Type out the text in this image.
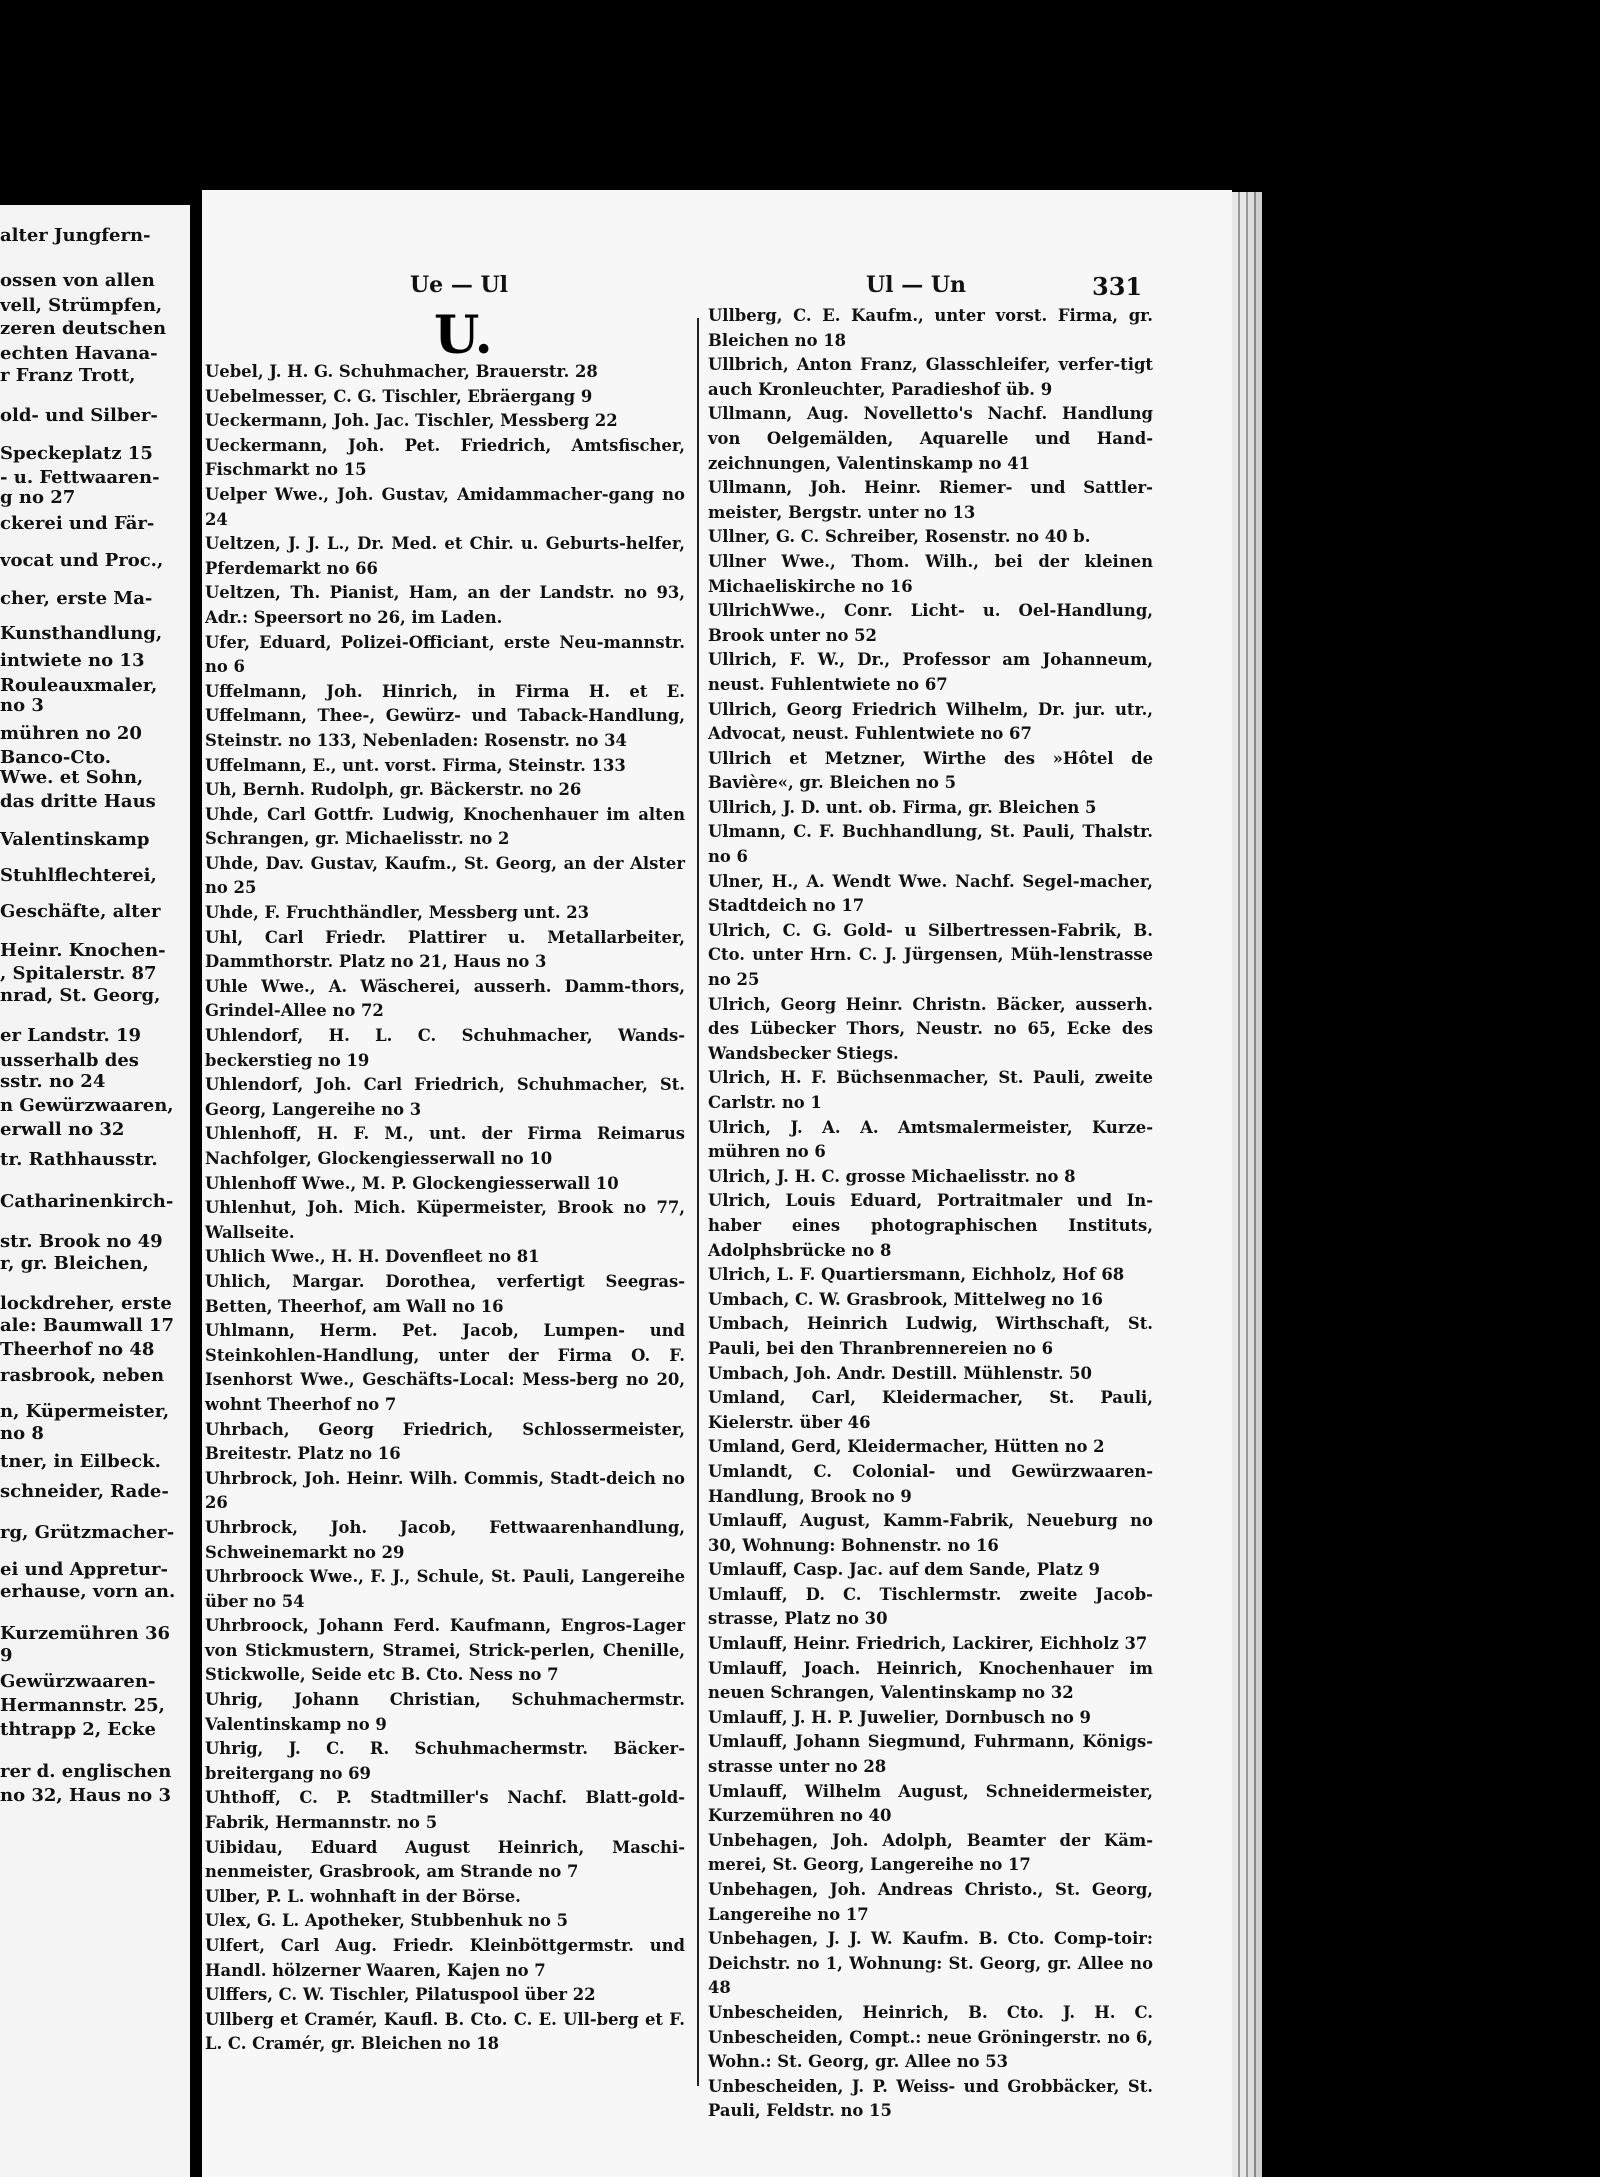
alter Jungfern-
ossen von allen
vell, Strümpfen,
zeren deutschen
echten Havana-
r Franz Trott,
old- und Silber-
Speckeplatz 15
- u. Fettwaaren-
g no 27
ckerei und Fär-
vocat und Proc.,
cher, erste Ma-
Kunsthandlung,
intwiete no 13
Rouleauxmaler,
no 3
mühren no 20
Banco-Cto.
Wwe. et Sohn,
das dritte Haus
Valentinskamp
Stuhlflechterei,
Geschäfte, alter
Heinr. Knochen-
, Spitalerstr. 87
nrad, St. Georg,
er Landstr. 19
usserhalb des
sstr. no 24
n Gewürzwaaren,
erwall no 32
tr. Rathhausstr.
Catharinenkirch-
str. Brook no 49
r, gr. Bleichen,
lockdreher, erste
ale: Baumwall 17
Theerhof no 48
rasbrook, neben
n, Küpermeister,
no 8
tner, in Eilbeck.
schneider, Rade-
rg, Grützmacher-
ei und Appretur-
erhause, vorn an.
Kurzemühren 36
9
Gewürzwaaren-
Hermannstr. 25,
thtrapp 2, Ecke
rer d. englischen
no 32, Haus no 3
Ue — Ul	Ul — Un	331
U.
Uebel, J. H. G. Schuhmacher, Brauerstr. 28
Uebelmesser, C. G. Tischler, Ebräergang 9
Ueckermann, Joh. Jac. Tischler, Messberg 22
Ueckermann, Joh. Pet. Friedrich, Amtsfischer, Fischmarkt no 15
Uelper Wwe., Joh. Gustav, Amidammacher-gang no 24
Ueltzen, J. J. L., Dr. Med. et Chir. u. Geburts-helfer, Pferdemarkt no 66
Ueltzen, Th. Pianist, Ham, an der Landstr. no 93, Adr.: Speersort no 26, im Laden.
Ufer, Eduard, Polizei-Officiant, erste Neu-mannstr. no 6
Uffelmann, Joh. Hinrich, in Firma H. et E. Uffelmann, Thee-, Gewürz- und Taback-Handlung, Steinstr. no 133, Nebenladen: Rosenstr. no 34
Uffelmann, E., unt. vorst. Firma, Steinstr. 133
Uh, Bernh. Rudolph, gr. Bäckerstr. no 26
Uhde, Carl Gottfr. Ludwig, Knochenhauer im alten Schrangen, gr. Michaelisstr. no 2
Uhde, Dav. Gustav, Kaufm., St. Georg, an der Alster no 25
Uhde, F. Fruchthändler, Messberg unt. 23
Uhl, Carl Friedr. Plattirer u. Metallarbeiter, Dammthorstr. Platz no 21, Haus no 3
Uhle Wwe., A. Wäscherei, ausserh. Damm-thors, Grindel-Allee no 72
Uhlendorf, H. L. C. Schuhmacher, Wands-beckerstieg no 19
Uhlendorf, Joh. Carl Friedrich, Schuhmacher, St. Georg, Langereihe no 3
Uhlenhoff, H. F. M., unt. der Firma Reimarus Nachfolger, Glockengiesserwall no 10
Uhlenhoff Wwe., M. P. Glockengiesserwall 10
Uhlenhut, Joh. Mich. Küpermeister, Brook no 77, Wallseite.
Uhlich Wwe., H. H. Dovenfleet no 81
Uhlich, Margar. Dorothea, verfertigt Seegras-Betten, Theerhof, am Wall no 16
Uhlmann, Herm. Pet. Jacob, Lumpen- und Steinkohlen-Handlung, unter der Firma O. F. Isenhorst Wwe., Geschäfts-Local: Mess-berg no 20, wohnt Theerhof no 7
Uhrbach, Georg Friedrich, Schlossermeister, Breitestr. Platz no 16
Uhrbrock, Joh. Heinr. Wilh. Commis, Stadt-deich no 26
Uhrbrock, Joh. Jacob, Fettwaarenhandlung, Schweinemarkt no 29
Uhrbroock Wwe., F. J., Schule, St. Pauli, Langereihe über no 54
Uhrbroock, Johann Ferd. Kaufmann, Engros-Lager von Stickmustern, Stramei, Strick-perlen, Chenille, Stickwolle, Seide etc B. Cto. Ness no 7
Uhrig, Johann Christian, Schuhmachermstr. Valentinskamp no 9
Uhrig, J. C. R. Schuhmachermstr. Bäcker-breitergang no 69
Uhthoff, C. P. Stadtmiller's Nachf. Blatt-gold-Fabrik, Hermannstr. no 5
Uibidau, Eduard August Heinrich, Maschi-nenmeister, Grasbrook, am Strande no 7
Ulber, P. L. wohnhaft in der Börse.
Ulex, G. L. Apotheker, Stubbenhuk no 5
Ulfert, Carl Aug. Friedr. Kleinböttgermstr. und Handl. hölzerner Waaren, Kajen no 7
Ulffers, C. W. Tischler, Pilatuspool über 22
Ullberg et Cramér, Kaufl. B. Cto. C. E. Ull-berg et F. L. C. Cramér, gr. Bleichen no 18
Ullberg, C. E. Kaufm., unter vorst. Firma, gr. Bleichen no 18
Ullbrich, Anton Franz, Glasschleifer, verfer-tigt auch Kronleuchter, Paradieshof üb. 9
Ullmann, Aug. Novelletto's Nachf. Handlung von Oelgemälden, Aquarelle und Hand-zeichnungen, Valentinskamp no 41
Ullmann, Joh. Heinr. Riemer- und Sattler-meister, Bergstr. unter no 13
Ullner, G. C. Schreiber, Rosenstr. no 40 b.
Ullner Wwe., Thom. Wilh., bei der kleinen Michaeliskirche no 16
UllrichWwe., Conr. Licht- u. Oel-Handlung, Brook unter no 52
Ullrich, F. W., Dr., Professor am Johanneum, neust. Fuhlentwiete no 67
Ullrich, Georg Friedrich Wilhelm, Dr. jur. utr., Advocat, neust. Fuhlentwiete no 67
Ullrich et Metzner, Wirthe des »Hôtel de Bavière«, gr. Bleichen no 5
Ullrich, J. D. unt. ob. Firma, gr. Bleichen 5
Ulmann, C. F. Buchhandlung, St. Pauli, Thalstr. no 6
Ulner, H., A. Wendt Wwe. Nachf. Segel-macher, Stadtdeich no 17
Ulrich, C. G. Gold- u Silbertressen-Fabrik, B. Cto. unter Hrn. C. J. Jürgensen, Müh-lenstrasse no 25
Ulrich, Georg Heinr. Christn. Bäcker, ausserh. des Lübecker Thors, Neustr. no 65, Ecke des Wandsbecker Stiegs.
Ulrich, H. F. Büchsenmacher, St. Pauli, zweite Carlstr. no 1
Ulrich, J. A. A. Amtsmalermeister, Kurze-mühren no 6
Ulrich, J. H. C. grosse Michaelisstr. no 8
Ulrich, Louis Eduard, Portraitmaler und In-haber eines photographischen Instituts, Adolphsbrücke no 8
Ulrich, L. F. Quartiersmann, Eichholz, Hof 68
Umbach, C. W. Grasbrook, Mittelweg no 16
Umbach, Heinrich Ludwig, Wirthschaft, St. Pauli, bei den Thranbrennereien no 6
Umbach, Joh. Andr. Destill. Mühlenstr. 50
Umland, Carl, Kleidermacher, St. Pauli, Kielerstr. über 46
Umland, Gerd, Kleidermacher, Hütten no 2
Umlandt, C. Colonial- und Gewürzwaaren-Handlung, Brook no 9
Umlauff, August, Kamm-Fabrik, Neueburg no 30, Wohnung: Bohnenstr. no 16
Umlauff, Casp. Jac. auf dem Sande, Platz 9
Umlauff, D. C. Tischlermstr. zweite Jacob-strasse, Platz no 30
Umlauff, Heinr. Friedrich, Lackirer, Eichholz 37
Umlauff, Joach. Heinrich, Knochenhauer im neuen Schrangen, Valentinskamp no 32
Umlauff, J. H. P. Juwelier, Dornbusch no 9
Umlauff, Johann Siegmund, Fuhrmann, Königs-strasse unter no 28
Umlauff, Wilhelm August, Schneidermeister, Kurzemühren no 40
Unbehagen, Joh. Adolph, Beamter der Käm-merei, St. Georg, Langereihe no 17
Unbehagen, Joh. Andreas Christo., St. Georg, Langereihe no 17
Unbehagen, J. J. W. Kaufm. B. Cto. Comp-toir: Deichstr. no 1, Wohnung: St. Georg, gr. Allee no 48
Unbescheiden, Heinrich, B. Cto. J. H. C. Unbescheiden, Compt.: neue Gröningerstr. no 6, Wohn.: St. Georg, gr. Allee no 53
Unbescheiden, J. P. Weiss- und Grobbäcker, St. Pauli, Feldstr. no 15
